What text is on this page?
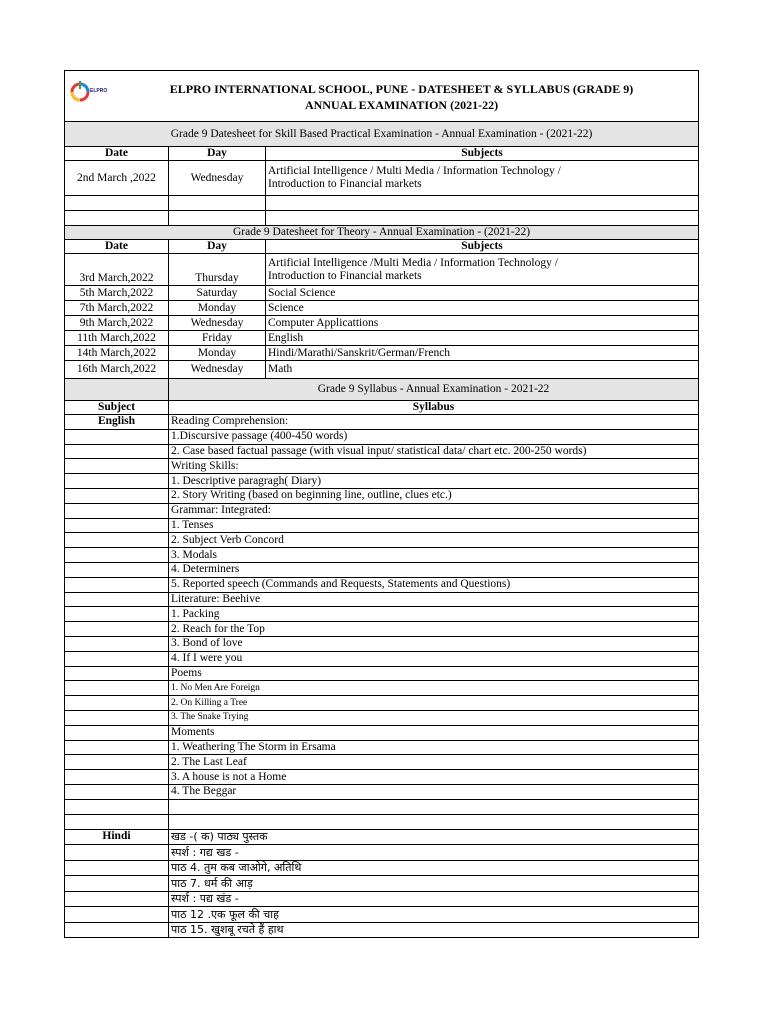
ELPRO ELPRO INTERNATIONAL SCHOOL, PUNE - DATESHEET & SYLLABUS (GRADE 9)
ANNUAL EXAMINATION (2021-22)		

Grade 9 Datesheet for Skill Based Practical Examination - Annual Examination - (2021-22)		
Date	Day	Subjects
2nd March ,2022	Wednesday	Artificial Intelligence / Multi Media / Information Technology /
Introduction to Financial markets

Grade 9 Datesheet for Theory - Annual Examination - (2021-22)		
Date	Day	Subjects
3rd March,2022	Thursday	Artificial Intelligence /Multi Media / Information Technology /
Introduction to Financial markets

5th March,2022	Saturday	Social Science
7th March,2022	Monday	Science
9th March,2022	Wednesday	Computer Applicattions
11th March,2022	Friday	English
14th March,2022	Monday	Hindi/Marathi/Sanskrit/German/French
16th March,2022	Wednesday	Math
	Grade 9 Syllabus - Annual Examination - 2021-22	
Subject	Syllabus	
English	Reading Comprehension:	
	1.Discursive passage (400-450 words)	
	2. Case based factual passage (with visual input/ statistical data/ chart etc. 200-250 words)	
	Writing Skills:	
	1. Descriptive paragragh( Diary)	
	2. Story Writing (based on beginning line, outline, clues etc.)	
	Grammar: Integrated:	
	1. Tenses	
	2. Subject Verb Concord	
	3. Modals	
	4. Determiners	
	5. Reported speech (Commands and Requests, Statements and Questions)	
	Literature: Beehive	
	1. Packing	
	2. Reach for the Top	
	3. Bond of love	
	4. If I were you	
	Poems	
	1. No Men Are Foreign	
	2. On Killing a Tree	
	3. The Snake Trying	
	Moments	
	1. Weathering The Storm in Ersama	
	2. The Last Leaf	
	3. A house is not a Home	
	4. The Beggar	

Hindi	खड -( क) पाठ्य पुस्तक	
	स्पर्श : गद्य खड -	
	पाठ 4. तुम कब जाओगे, अतिथि	
	पाठ 7. धर्म की आड़	
	स्पर्श : पद्य खंड -	
	पाठ 12 .एक फूल की चाह	
	पाठ 15. खुशबू रचते हैं हाथ	
